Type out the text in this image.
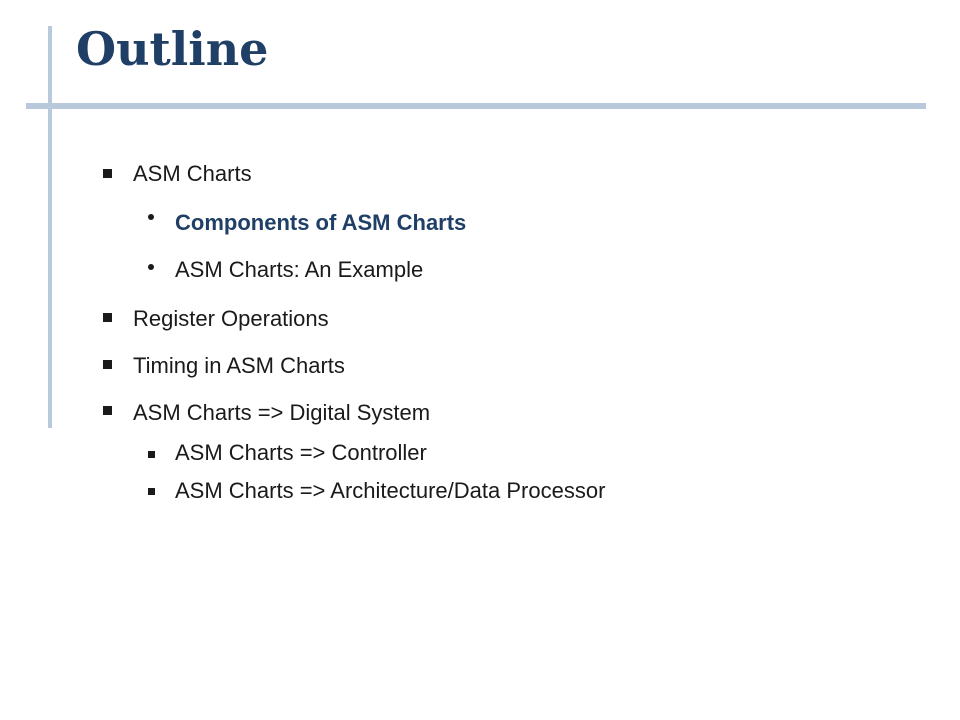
Outline
ASM Charts
Components of ASM Charts
ASM Charts: An Example
Register Operations
Timing in ASM Charts
ASM Charts => Digital System
ASM Charts => Controller
ASM Charts => Architecture/Data Processor
